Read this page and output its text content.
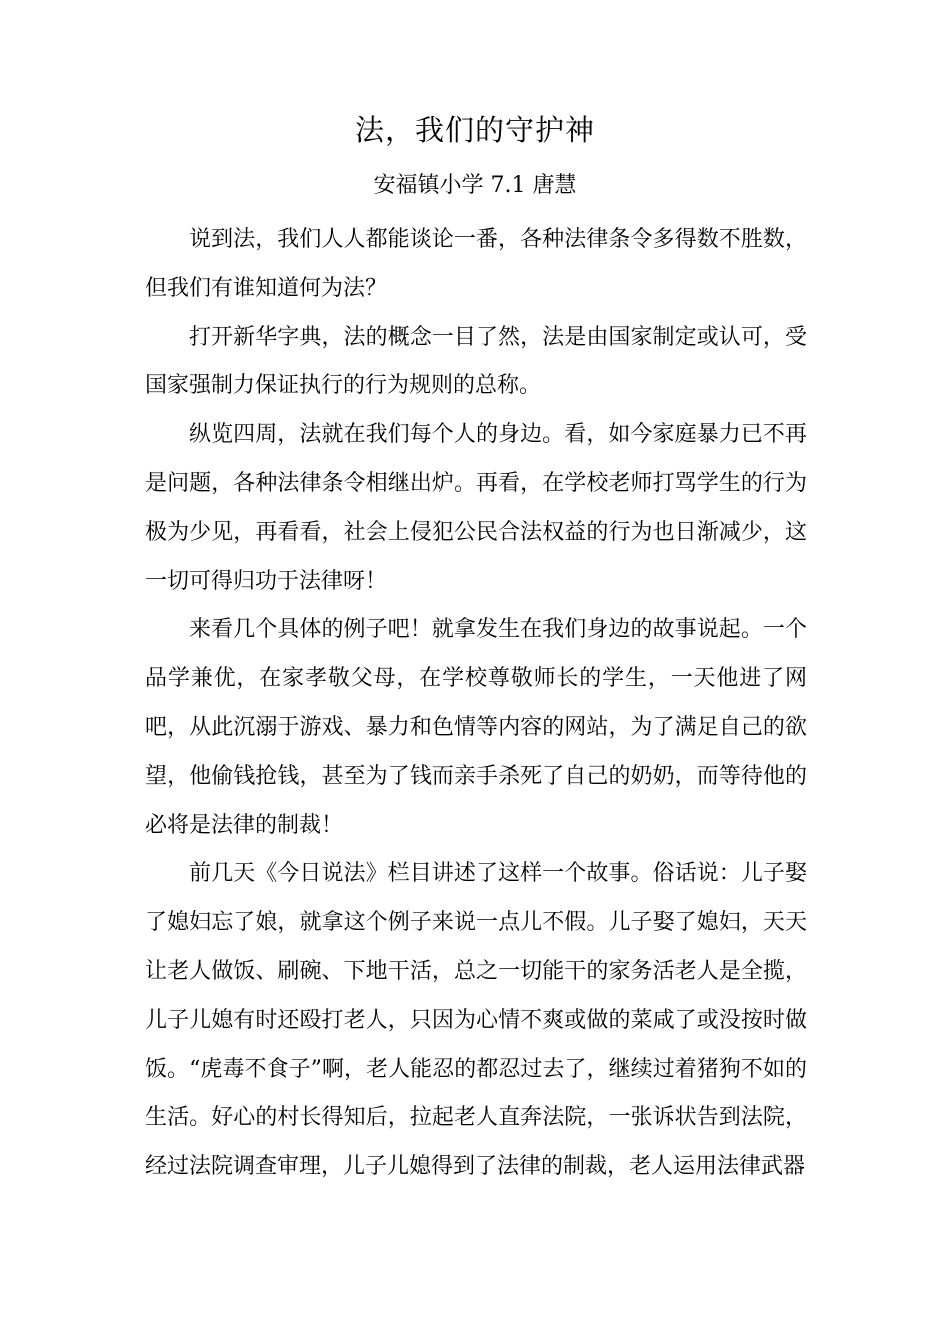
法，我们的守护神
安福镇小学 7.1 唐慧

说到法，我们人人都能谈论一番，各种法律条令多得数不胜数，但我们有谁知道何为法？

打开新华字典，法的概念一目了然，法是由国家制定或认可，受国家强制力保证执行的行为规则的总称。

纵览四周，法就在我们每个人的身边。看，如今家庭暴力已不再是问题，各种法律条令相继出炉。再看，在学校老师打骂学生的行为极为少见，再看看，社会上侵犯公民合法权益的行为也日渐减少，这一切可得归功于法律呀！

来看几个具体的例子吧！就拿发生在我们身边的故事说起。一个品学兼优，在家孝敬父母，在学校尊敬师长的学生，一天他进了网吧，从此沉溺于游戏、暴力和色情等内容的网站，为了满足自己的欲望，他偷钱抢钱，甚至为了钱而亲手杀死了自己的奶奶，而等待他的必将是法律的制裁！

前几天《今日说法》栏目讲述了这样一个故事。俗话说：儿子娶了媳妇忘了娘，就拿这个例子来说一点儿不假。儿子娶了媳妇，天天让老人做饭、刷碗、下地干活，总之一切能干的家务活老人是全揽，儿子儿媳有时还殴打老人，只因为心情不爽或做的菜咸了或没按时做饭。“虎毒不食子”啊，老人能忍的都忍过去了，继续过着猪狗不如的生活。好心的村长得知后，拉起老人直奔法院，一张诉状告到法院，经过法院调查审理，儿子儿媳得到了法律的制裁，老人运用法律武器
